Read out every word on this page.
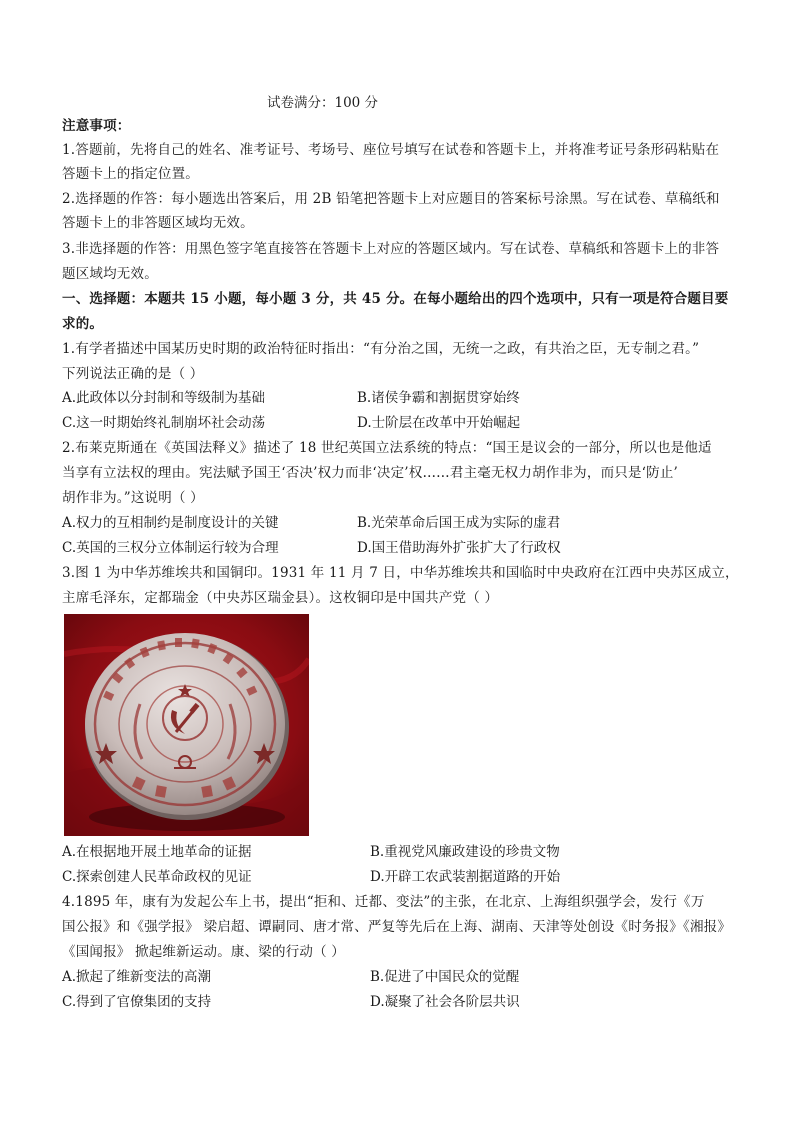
试卷满分：100 分
注意事项：
1.答题前，先将自己的姓名、准考证号、考场号、座位号填写在试卷和答题卡上，并将准考证号条形码粘贴在
答题卡上的指定位置。
2.选择题的作答：每小题选出答案后，用 2B 铅笔把答题卡上对应题目的答案标号涂黑。写在试卷、草稿纸和
答题卡上的非答题区域均无效。
3.非选择题的作答：用黑色签字笔直接答在答题卡上对应的答题区域内。写在试卷、草稿纸和答题卡上的非答
题区域均无效。
一、选择题：本题共 15 小题，每小题 3 分，共 45 分。在每小题给出的四个选项中，只有一项是符合题目要
求的。
1.有学者描述中国某历史时期的政治特征时指出：“有分治之国，无统一之政，有共治之臣，无专制之君。”
下列说法正确的是（ ）
A.此政体以分封制和等级制为基础	B.诸侯争霸和割据贯穿始终
C.这一时期始终礼制崩坏社会动荡	D.士阶层在改革中开始崛起
2.布莱克斯通在《英国法释义》描述了 18 世纪英国立法系统的特点：“国王是议会的一部分，所以也是他适
当享有立法权的理由。宪法赋予国王‘否决’权力而非‘决定’权……君主毫无权力胡作非为，而只是‘防止’
胡作非为。”这说明（ ）
A.权力的互相制约是制度设计的关键	B.光荣革命后国王成为实际的虚君
C.英国的三权分立体制运行较为合理	D.国王借助海外扩张扩大了行政权
3.图 1 为中华苏维埃共和国铜印。1931 年 11 月 7 日，中华苏维埃共和国临时中央政府在江西中央苏区成立，
主席毛泽东，定都瑞金（中央苏区瑞金县）。这枚铜印是中国共产党（ ）
A.在根据地开展土地革命的证据	B.重视党风廉政建设的珍贵文物
C.探索创建人民革命政权的见证	D.开辟工农武装割据道路的开始
4.1895 年，康有为发起公车上书，提出“拒和、迁都、变法”的主张，在北京、上海组织强学会，发行《万
国公报》和《强学报》 梁启超、谭嗣同、唐才常、严复等先后在上海、湖南、天津等处创设《时务报》《湘报》
《国闻报》 掀起维新运动。康、梁的行动（ ）
A.掀起了维新变法的高潮	B.促进了中国民众的觉醒
C.得到了官僚集团的支持	D.凝聚了社会各阶层共识
